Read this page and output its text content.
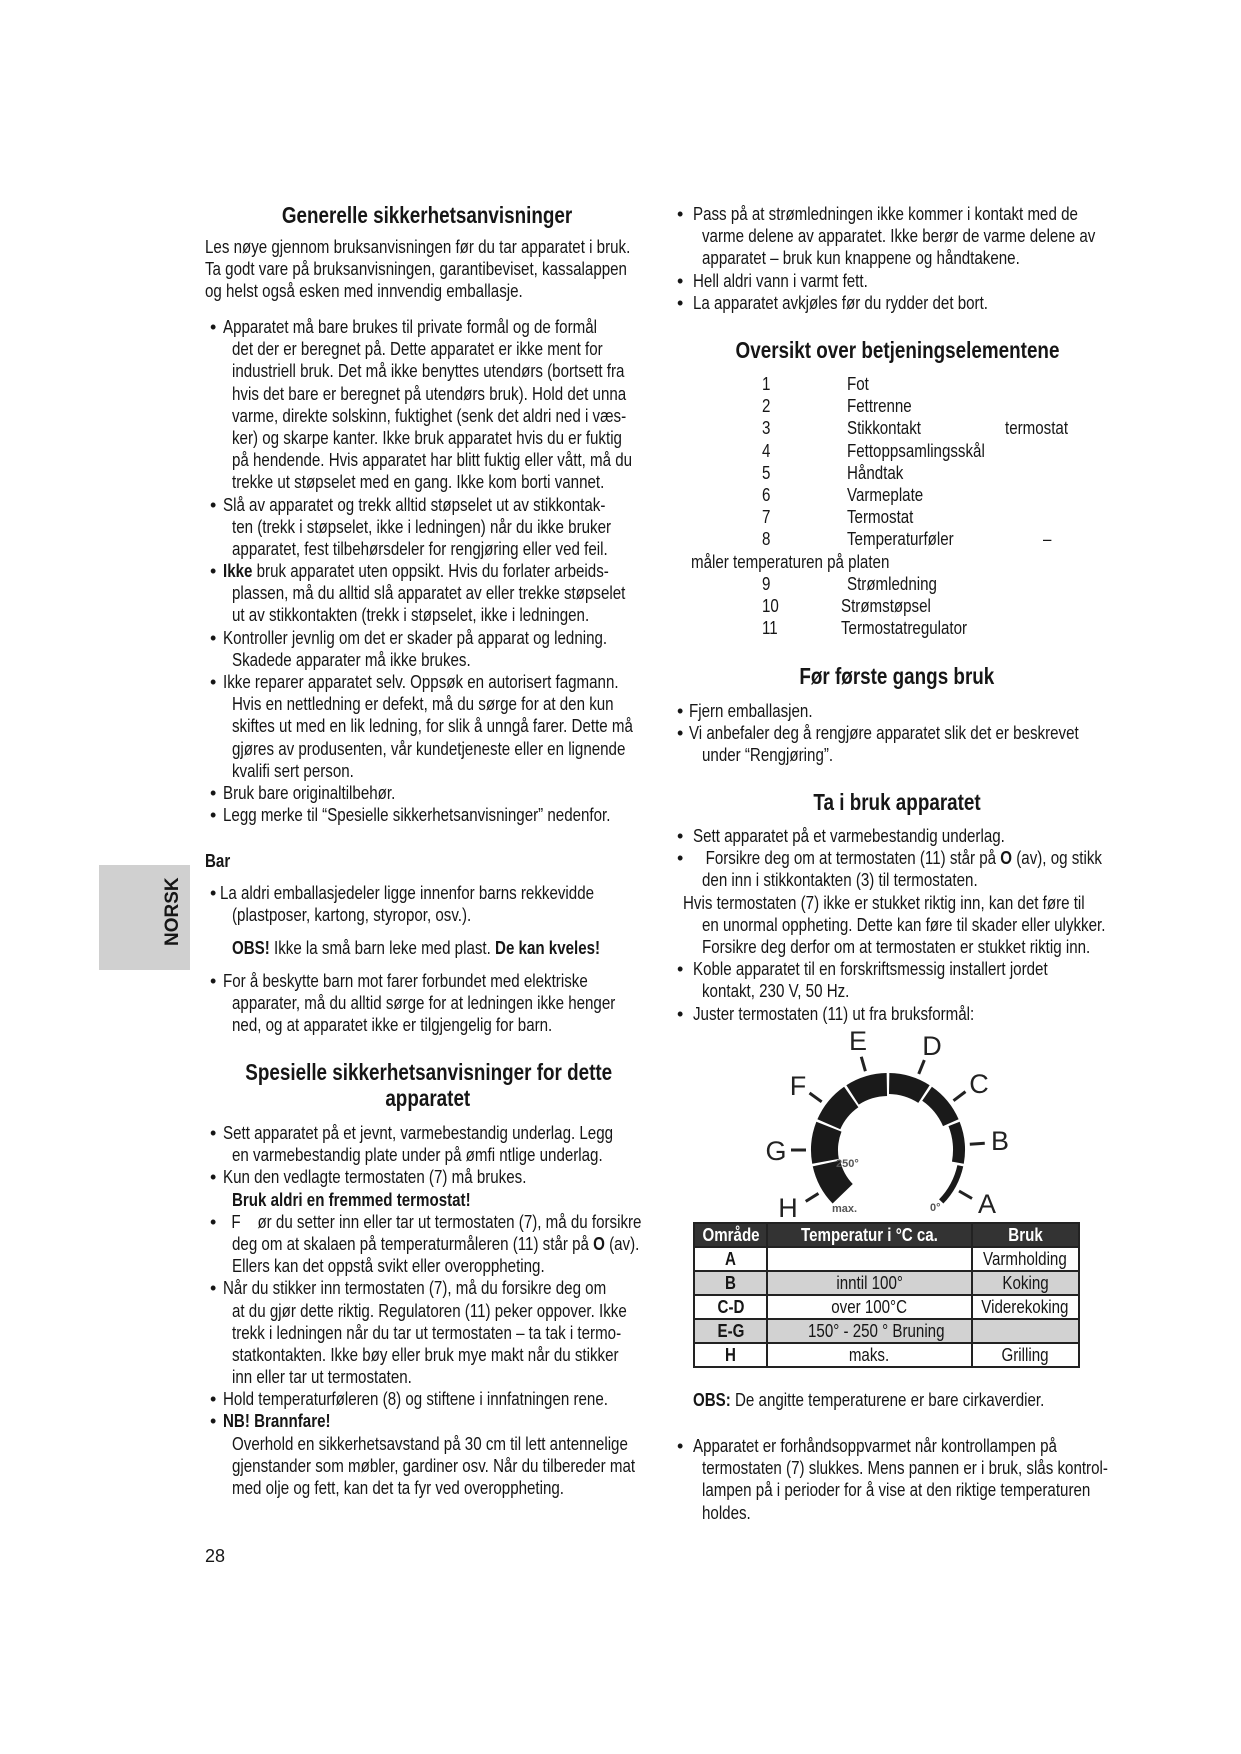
NORSK
Generelle sikkerhetsanvisninger
Les nøye gjennom bruksanvisningen før du tar apparatet i bruk.
Ta godt vare på bruksanvisningen, garantibeviset, kassalappen
og helst også esken med innvendig emballasje.
• Apparatet må bare brukes til private formål og de formål
det der er beregnet på. Dette apparatet er ikke ment for
industriell bruk. Det må ikke benyttes utendørs (bortsett fra
hvis det bare er beregnet på utendørs bruk). Hold det unna
varme, direkte solskinn, fuktighet (senk det aldri ned i væs-
ker) og skarpe kanter. Ikke bruk apparatet hvis du er fuktig
på hendende. Hvis apparatet har blitt fuktig eller vått, må du
trekke ut støpselet med en gang. Ikke kom borti vannet.
• Slå av apparatet og trekk alltid støpselet ut av stikkontak-
ten (trekk i støpselet, ikke i ledningen) når du ikke bruker
apparatet, fest tilbehørsdeler for rengjøring eller ved feil.
• Ikke bruk apparatet uten oppsikt. Hvis du forlater arbeids-
plassen, må du alltid slå apparatet av eller trekke støpselet
ut av stikkontakten (trekk i støpselet, ikke i ledningen.
• Kontroller jevnlig om det er skader på apparat og ledning.
Skadede apparater må ikke brukes.
• Ikke reparer apparatet selv. Oppsøk en autorisert fagmann.
Hvis en nettledning er defekt, må du sørge for at den kun
skiftes ut med en lik ledning, for slik å unngå farer. Dette må
gjøres av produsenten, vår kundetjeneste eller en lignende
kvalifi sert person.
• Bruk bare originaltilbehør.
• Legg merke til “Spesielle sikkerhetsanvisninger” nedenfor.
Bar
• La aldri emballasjedeler ligge innenfor barns rekkevidde
(plastposer, kartong, styropor, osv.).
OBS! Ikke la små barn leke med plast. De kan kveles!
• For å beskytte barn mot farer forbundet med elektriske
apparater, må du alltid sørge for at ledningen ikke henger
ned, og at apparatet ikke er tilgjengelig for barn.
Spesielle sikkerhetsanvisninger for dette
apparatet
• Sett apparatet på et jevnt, varmebestandig underlag. Legg
en varmebestandig plate under på ømfi ntlige underlag.
• Kun den vedlagte termostaten (7) må brukes.
Bruk aldri en fremmed termostat!
• F    ør du setter inn eller tar ut termostaten (7), må du forsikre
deg om at skalaen på temperaturmåleren (11) står på O (av).
Ellers kan det oppstå svikt eller overoppheting.
• Når du stikker inn termostaten (7), må du forsikre deg om
at du gjør dette riktig. Regulatoren (11) peker oppover. Ikke
trekk i ledningen når du tar ut termostaten – ta tak i termo-
statkontakten. Ikke bøy eller bruk mye makt når du stikker
inn eller tar ut termostaten.
• Hold temperaturføleren (8) og stiftene i innfatningen rene.
• NB! Brannfare!
Overhold en sikkerhetsavstand på 30 cm til lett antennelige
gjenstander som møbler, gardiner osv. Når du tilbereder mat
med olje og fett, kan det ta fyr ved overoppheting.
28
• Pass på at strømledningen ikke kommer i kontakt med de
varme delene av apparatet. Ikke berør de varme delene av
apparatet – bruk kun knappene og håndtakene.
• Hell aldri vann i varmt fett.
• La apparatet avkjøles før du rydder det bort.
Oversikt over betjeningselementene
1	Fot
2	Fettrenne
3	Stikkontakt	termostat
4	Fettoppsamlingsskål
5	Håndtak
6	Varmeplate
7	Termostat
8	Temperaturføler	–
måler temperaturen på platen
9	Strømledning
10	Strømstøpsel
11	Termostatregulator
Før første gangs bruk
• Fjern emballasjen.
• Vi anbefaler deg å rengjøre apparatet slik det er beskrevet
under “Rengjøring”.
Ta i bruk apparatet
• Sett apparatet på et varmebestandig underlag.
• Forsikre deg om at termostaten (11) står på O (av), og stikk
den inn i stikkontakten (3) til termostaten.
Hvis termostaten (7) ikke er stukket riktig inn, kan det føre til
en unormal oppheting. Dette kan føre til skader eller ulykker.
Forsikre deg derfor om at termostaten er stukket riktig inn.
• Koble apparatet til en forskriftsmessig installert jordet
kontakt, 230 V, 50 Hz.
• Juster termostaten (11) ut fra bruksformål:
A
B
C
D
E
F
G
H
250°
max.	0°
Område	Temperatur i °C ca.	Bruk
A		Varmholding
B	inntil 100°	Koking
C-D	over 100°C	Viderekoking
E-G	150° - 250 ° Bruning	
H	maks.	Grilling
OBS: De angitte temperaturene er bare cirkaverdier.
• Apparatet er forhåndsoppvarmet når kontrollampen på
termostaten (7) slukkes. Mens pannen er i bruk, slås kontrol-
lampen på i perioder for å vise at den riktige temperaturen
holdes.
